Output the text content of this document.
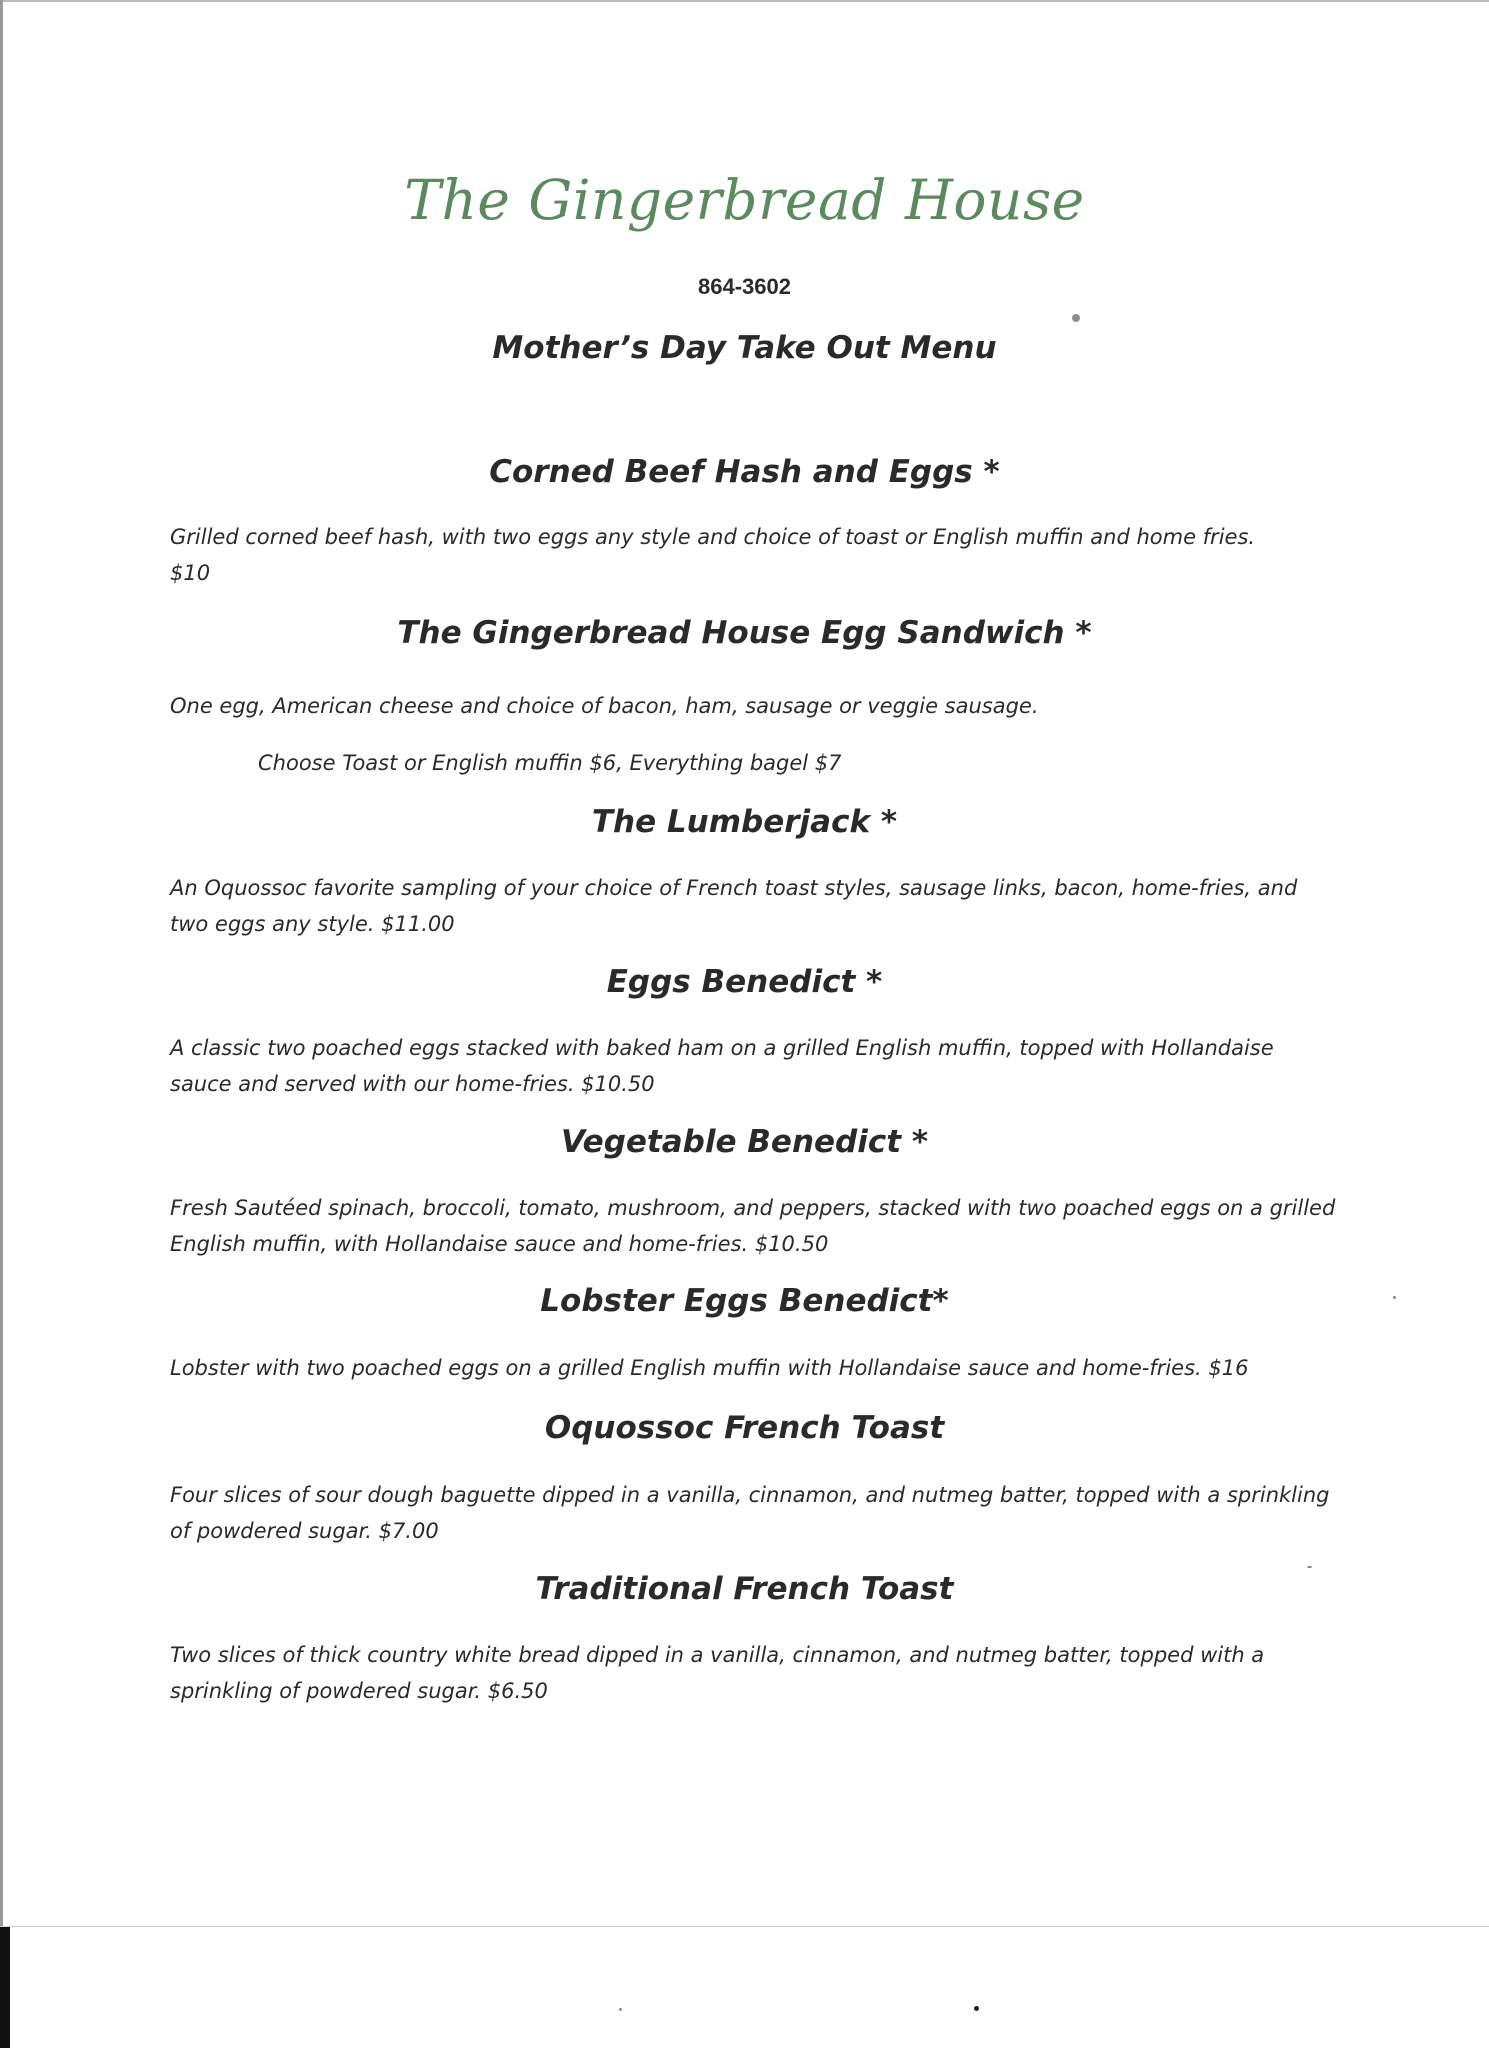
The Gingerbread House
864-3602
Mother’s Day Take Out Menu
Corned Beef Hash and Eggs *
Grilled corned beef hash, with two eggs any style and choice of toast or English muffin and home fries.
$10
The Gingerbread House Egg Sandwich *
One egg, American cheese and choice of bacon, ham, sausage or veggie sausage.
Choose Toast or English muffin $6, Everything bagel $7
The Lumberjack *
An Oquossoc favorite sampling of your choice of French toast styles, sausage links, bacon, home-fries, and two eggs any style. $11.00
Eggs Benedict *
A classic two poached eggs stacked with baked ham on a grilled English muffin, topped with Hollandaise sauce and served with our home-fries. $10.50
Vegetable Benedict *
Fresh Sautéed spinach, broccoli, tomato, mushroom, and peppers, stacked with two poached eggs on a grilled English muffin, with Hollandaise sauce and home-fries. $10.50
Lobster Eggs Benedict*
Lobster with two poached eggs on a grilled English muffin with Hollandaise sauce and home-fries. $16
Oquossoc French Toast
Four slices of sour dough baguette dipped in a vanilla, cinnamon, and nutmeg batter, topped with a sprinkling of powdered sugar. $7.00
Traditional French Toast
Two slices of thick country white bread dipped in a vanilla, cinnamon, and nutmeg batter, topped with a sprinkling of powdered sugar. $6.50
